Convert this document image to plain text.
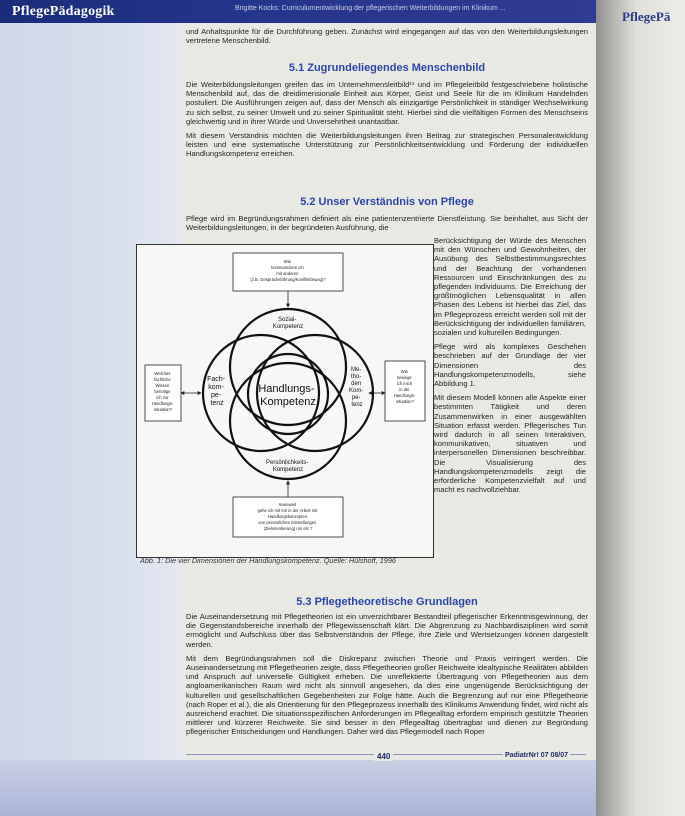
PflegePädagogik	Brigitte Kocks: Curriculumentwicklung der pflegerischen Weiterbildungen im Klinikum ...
PflegePä

und Anhaltspunkte für die Durchführung geben. Zunächst wird eingegangen auf das von den Weiterbildungsleitungen vertretene Menschenbild.

5.1 Zugrundeliegendes Menschenbild

Die Weiterbildungsleitungen greifen das im Unternehmensleitbild¹¹ und im Pflegeleitbild festgeschriebene holistische Menschenbild auf, das die dreidimensionale Einheit aus Körper, Geist und Seele für die im Klinikum Handelnden postuliert. Die Ausführungen zeigen auf, dass der Mensch als einzigartige Persönlichkeit in ständiger Wechselwirkung zu sich selbst, zu seiner Umwelt und zu seiner Spiritualität steht. Hierbei sind die vielfältigen Formen des Menschseins gleichwertig und in ihrer Würde und Unversehrtheit unantastbar.

Mit diesem Verständnis möchten die Weiterbildungsleitungen ihren Beitrag zur strategischen Personalentwicklung leisten und eine systematische Unterstützung zur Persönlichkeitsentwicklung und Förderung der individuellen Handlungskompetenz erreichen.

5.2 Unser Verständnis von Pflege

Pflege wird im Begründungsrahmen definiert als eine patientenzentrierte Dienstleistung. Sie beinhaltet, aus Sicht der Weiterbildungsleitungen, in der begründeten Ausführung, die

Wie kommuniziere ich mit anderen (z.B. Gesprächsführung/Konfliktlösung)?
Inwieweit gehe ich mit mir in der Arbeit mit Handlungskonzepten von persönlichen Einstellungen (Zielorientierung) um etc.?
Welches fachliche Wissen benötige ich zur Handlungs- situation?
Wie bewege ich mich in der Handlungs- situation?
Sozial- Kompetenz
Persönlichkeits- Kompetenz
Fach- kom- pe- tenz
Me- tho- den Kom- pe- tenz
Handlungs- Kompetenz
Abb. 1: Die vier Dimensionen der Handlungskompetenz. Quelle: Hülshoff, 1996

Berücksichtigung der Würde des Menschen mit den Wünschen und Gewohnheiten, der Ausübung des Selbstbestimmungsrechtes und der Beachtung der vorhandenen Ressourcen und Einschränkungen des zu pflegenden Individuums. Die Erreichung der größtmöglichen Lebensqualität in allen Phasen des Lebens ist hierbei das Ziel, das im Pflegeprozess erreicht werden soll mit der Berücksichtigung der individuellen familiären, sozialen und kulturellen Bedingungen.

Pflege wird als komplexes Geschehen beschrieben auf der Grundlage der vier Dimensionen des Handlungskompetenzmodells, siehe Abbildung 1.

Mit diesem Modell können alle Aspekte einer bestimmten Tätigkeit und deren Zusammenwirken in einer ausgewählten Situation erfasst werden. Pflegerisches Tun wird dadurch in all seinen Interaktiven, kommunikativen, situativen und interpersonellen Dimensionen beschreibbar. Die Visualisierung des Handlungskompetenzmodells zeigt die erforderliche Kompetenzvielfalt auf und macht es nachvollziehbar.

5.3 Pflegetheoretische Grundlagen

Die Auseinandersetzung mit Pflegetheorien ist ein unverzichtbarer Bestandteil pflegerischer Erkenntnisgewinnung, der die Gegenstandsbereiche innerhalb der Pflegewissenschaft klärt. Die Abgrenzung zu Nachbardisziplinen wird somit ermöglicht und Aufschluss über das Selbstverständnis der Pflege, ihre Ziele und Wertsetzungen können dargestellt werden.

Mit dem Begründungsrahmen soll die Diskrepanz zwischen Theorie und Praxis verringert werden. Die Auseinandersetzung mit Pflegetheorien zeigte, dass Pflegetheorien großer Reichweite idealtypische Realitäten abbilden und Anspruch auf universelle Gültigkeit erheben. Die unreflektierte Übertragung von Pflegetheorien aus dem angloamerikanischen Raum wird nicht als sinnvoll angesehen, da dies eine ungenügende Berücksichtigung der kulturellen und gesellschaftlichen Gegebenheiten zur Folge hätte. Auch die Begrenzung auf nur eine Pflegetheorie (nach Roper et al.), die als Orientierung für den Pflegeprozess innerhalb des Klinikums Anwendung findet, wird nicht als ausreichend erachtet. Die situationsspezifischen Anforderungen im Pflegealltag erfordern empirisch gestützte Theorien mittlerer und kürzerer Reichweite. Sie sind besser in den Pflegealltag übertragbar und dienen zur Begründung pflegerischer Entscheidungen und Handlungen. Daher wird das Pflegemodell nach Roper

440	PadiatrNr! 07 08/07
